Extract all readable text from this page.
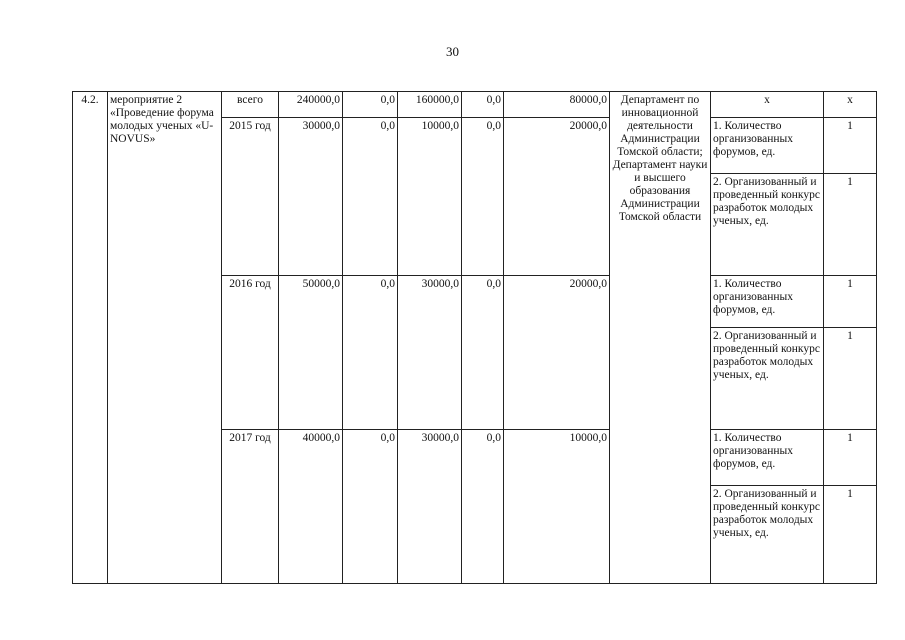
30
4.2.	мероприятие 2 «Проведение форума молодых ученых «U-NOVUS»	всего	240000,0	0,0	160000,0	0,0	80000,0	Департамент по инновационной деятельности Администрации Томской области; Департамент науки и высшего образования Администрации Томской области	х	х
		2015 год	30000,0	0,0	10000,0	0,0	20000,0		1. Количество организованных форумов, ед.	1
									2. Организованный и проведенный конкурс разработок молодых ученых, ед.	1
		2016 год	50000,0	0,0	30000,0	0,0	20000,0		1. Количество организованных форумов, ед.	1
									2. Организованный и проведенный конкурс разработок молодых ученых, ед.	1
		2017 год	40000,0	0,0	30000,0	0,0	10000,0		1. Количество организованных форумов, ед.	1
									2. Организованный и проведенный конкурс разработок молодых ученых, ед.	1
